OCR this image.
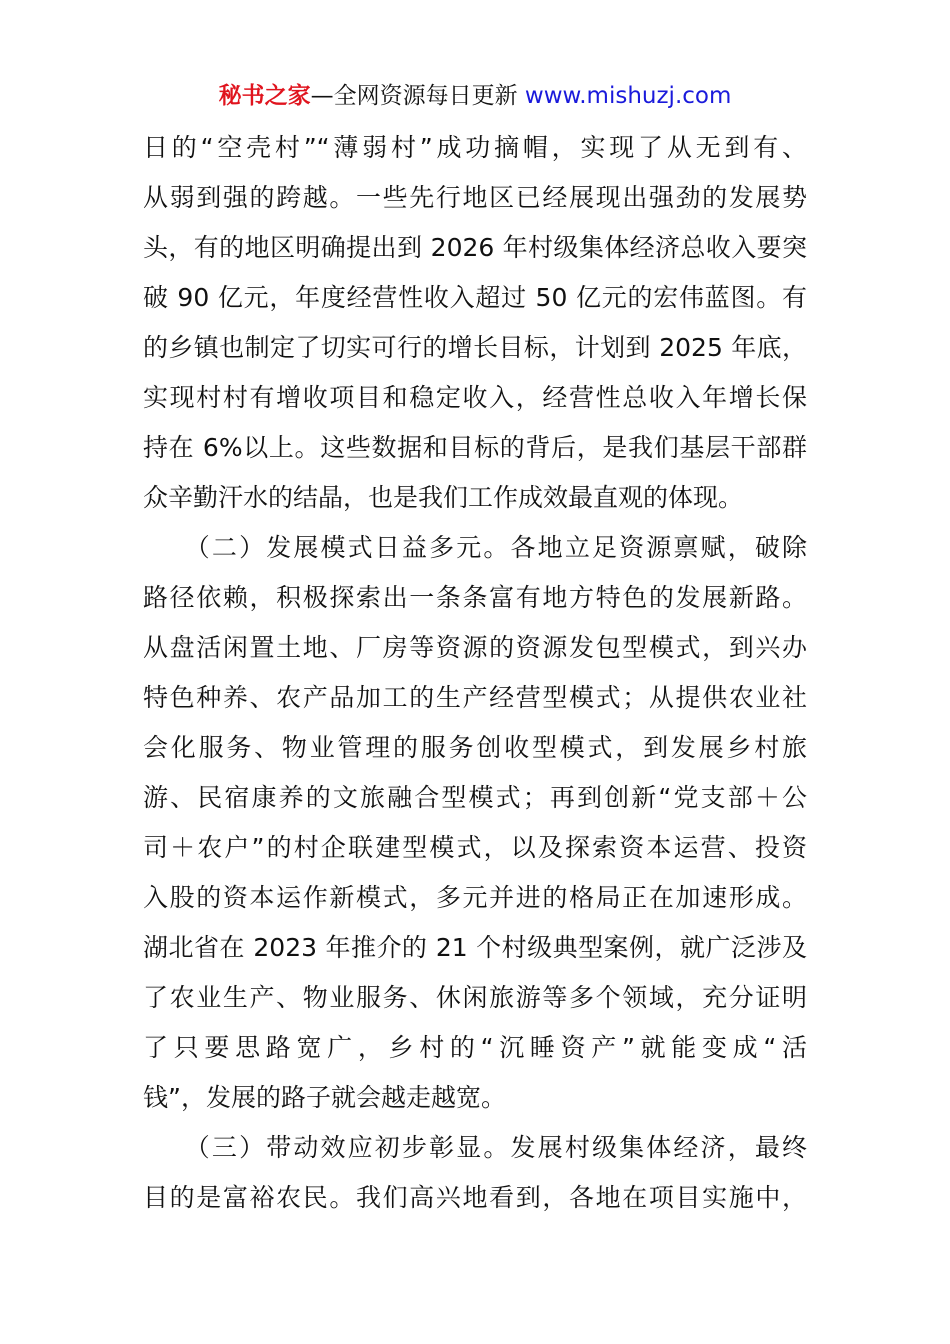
秘书之家—全网资源每日更新 www.mishuzj.com
日的“空壳村”“薄弱村”成功摘帽，实现了从无到有、
从弱到强的跨越。一些先行地区已经展现出强劲的发展势
头，有的地区明确提出到 2026 年村级集体经济总收入要突
破 90 亿元，年度经营性收入超过 50 亿元的宏伟蓝图。有
的乡镇也制定了切实可行的增长目标，计划到 2025 年底，
实现村村有增收项目和稳定收入，经营性总收入年增长保
持在 6%以上。这些数据和目标的背后，是我们基层干部群
众辛勤汗水的结晶，也是我们工作成效最直观的体现。
　　（二）发展模式日益多元。各地立足资源禀赋，破除
路径依赖，积极探索出一条条富有地方特色的发展新路。
从盘活闲置土地、厂房等资源的资源发包型模式，到兴办
特色种养、农产品加工的生产经营型模式；从提供农业社
会化服务、物业管理的服务创收型模式，到发展乡村旅
游、民宿康养的文旅融合型模式；再到创新“党支部＋公
司＋农户”的村企联建型模式，以及探索资本运营、投资
入股的资本运作新模式，多元并进的格局正在加速形成。
湖北省在 2023 年推介的 21 个村级典型案例，就广泛涉及
了农业生产、物业服务、休闲旅游等多个领域，充分证明
了只要思路宽广，乡村的“沉睡资产”就能变成“活
钱”，发展的路子就会越走越宽。
　　（三）带动效应初步彰显。发展村级集体经济，最终
目的是富裕农民。我们高兴地看到，各地在项目实施中，
